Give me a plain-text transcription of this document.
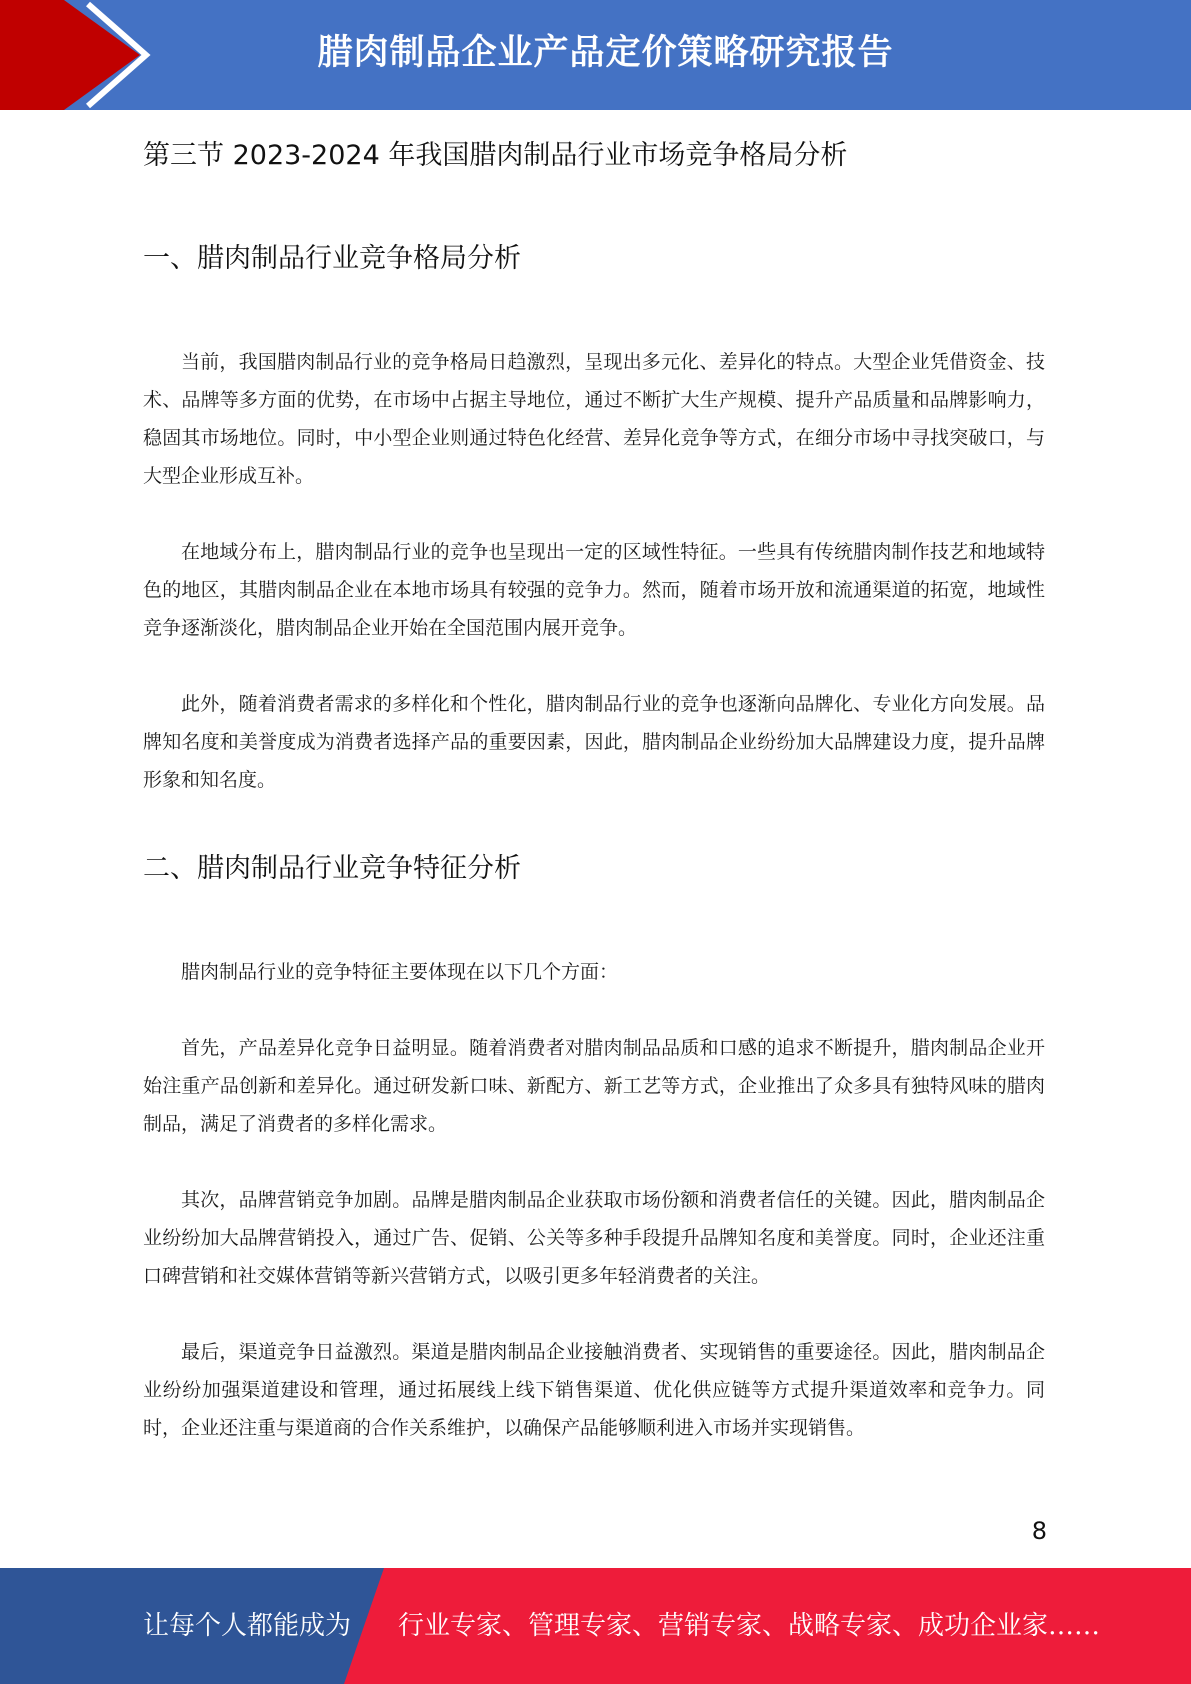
腊肉制品企业产品定价策略研究报告
第三节 2023-2024 年我国腊肉制品行业市场竞争格局分析
一、腊肉制品行业竞争格局分析

当前，我国腊肉制品行业的竞争格局日趋激烈，呈现出多元化、差异化的特点。大型企业凭借资金、技术、品牌等多方面的优势，在市场中占据主导地位，通过不断扩大生产规模、提升产品质量和品牌影响力，稳固其市场地位。同时，中小型企业则通过特色化经营、差异化竞争等方式，在细分市场中寻找突破口，与大型企业形成互补。

在地域分布上，腊肉制品行业的竞争也呈现出一定的区域性特征。一些具有传统腊肉制作技艺和地域特色的地区，其腊肉制品企业在本地市场具有较强的竞争力。然而，随着市场开放和流通渠道的拓宽，地域性竞争逐渐淡化，腊肉制品企业开始在全国范围内展开竞争。

此外，随着消费者需求的多样化和个性化，腊肉制品行业的竞争也逐渐向品牌化、专业化方向发展。品牌知名度和美誉度成为消费者选择产品的重要因素，因此，腊肉制品企业纷纷加大品牌建设力度，提升品牌形象和知名度。

二、腊肉制品行业竞争特征分析

腊肉制品行业的竞争特征主要体现在以下几个方面：

首先，产品差异化竞争日益明显。随着消费者对腊肉制品品质和口感的追求不断提升，腊肉制品企业开始注重产品创新和差异化。通过研发新口味、新配方、新工艺等方式，企业推出了众多具有独特风味的腊肉制品，满足了消费者的多样化需求。

其次，品牌营销竞争加剧。品牌是腊肉制品企业获取市场份额和消费者信任的关键。因此，腊肉制品企业纷纷加大品牌营销投入，通过广告、促销、公关等多种手段提升品牌知名度和美誉度。同时，企业还注重口碑营销和社交媒体营销等新兴营销方式，以吸引更多年轻消费者的关注。

最后，渠道竞争日益激烈。渠道是腊肉制品企业接触消费者、实现销售的重要途径。因此，腊肉制品企业纷纷加强渠道建设和管理，通过拓展线上线下销售渠道、优化供应链等方式提升渠道效率和竞争力。同时，企业还注重与渠道商的合作关系维护，以确保产品能够顺利进入市场并实现销售。

8
让每个人都能成为 行业专家、管理专家、营销专家、战略专家、成功企业家……
